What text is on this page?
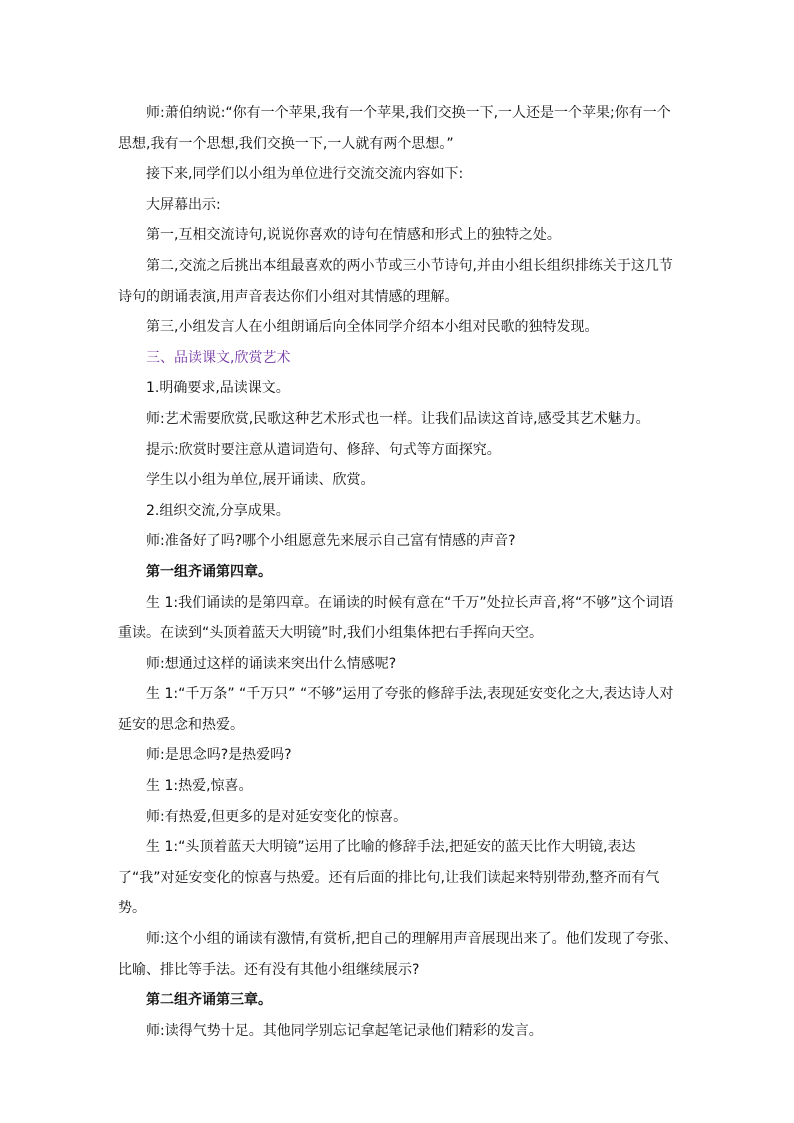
师:萧伯纳说:“你有一个苹果,我有一个苹果,我们交换一下,一人还是一个苹果;你有一个思想,我有一个思想,我们交换一下,一人就有两个思想。”

接下来,同学们以小组为单位进行交流交流内容如下:

大屏幕出示:

第一,互相交流诗句,说说你喜欢的诗句在情感和形式上的独特之处。

第二,交流之后挑出本组最喜欢的两小节或三小节诗句,并由小组长组织排练关于这几节诗句的朗诵表演,用声音表达你们小组对其情感的理解。

第三,小组发言人在小组朗诵后向全体同学介绍本小组对民歌的独特发现。

三、品读课文,欣赏艺术

1.明确要求,品读课文。

师:艺术需要欣赏,民歌这种艺术形式也一样。让我们品读这首诗,感受其艺术魅力。

提示:欣赏时要注意从遣词造句、修辞、句式等方面探究。

学生以小组为单位,展开诵读、欣赏。

2.组织交流,分享成果。

师:准备好了吗?哪个小组愿意先来展示自己富有情感的声音?

第一组齐诵第四章。

生 1:我们诵读的是第四章。在诵读的时候有意在“千万”处拉长声音,将“不够”这个词语重读。在读到“头顶着蓝天大明镜”时,我们小组集体把右手挥向天空。

师:想通过这样的诵读来突出什么情感呢?

生 1:“千万条” “千万只” “不够”运用了夸张的修辞手法,表现延安变化之大,表达诗人对延安的思念和热爱。

师:是思念吗?是热爱吗?

生 1:热爱,惊喜。

师:有热爱,但更多的是对延安变化的惊喜。

生 1:“头顶着蓝天大明镜”运用了比喻的修辞手法,把延安的蓝天比作大明镜,表达了“我”对延安变化的惊喜与热爱。还有后面的排比句,让我们读起来特别带劲,整齐而有气势。

师:这个小组的诵读有激情,有赏析,把自己的理解用声音展现出来了。他们发现了夸张、比喻、排比等手法。还有没有其他小组继续展示?

第二组齐诵第三章。

师:读得气势十足。其他同学别忘记拿起笔记录他们精彩的发言。
